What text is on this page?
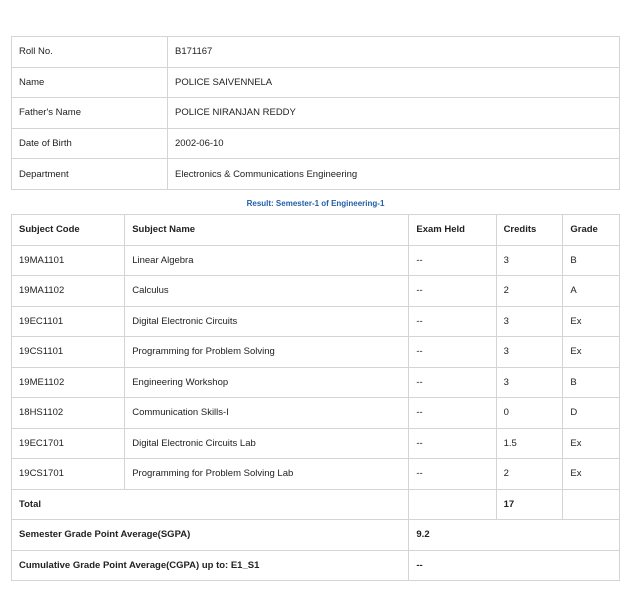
Roll No.	B171167
Name	POLICE SAIVENNELA
Father's Name	POLICE NIRANJAN REDDY
Date of Birth	2002-06-10
Department	Electronics & Communications Engineering

Result: Semester-1 of Engineering-1

Subject Code	Subject Name	Exam Held	Credits	Grade
19MA1101	Linear Algebra	--	3	B
19MA1102	Calculus	--	2	A
19EC1101	Digital Electronic Circuits	--	3	Ex
19CS1101	Programming for Problem Solving	--	3	Ex
19ME1102	Engineering Workshop	--	3	B
18HS1102	Communication Skills-I	--	0	D
19EC1701	Digital Electronic Circuits Lab	--	1.5	Ex
19CS1701	Programming for Problem Solving Lab	--	2	Ex
Total			17	
Semester Grade Point Average(SGPA)		9.2		
Cumulative Grade Point Average(CGPA) up to: E1_S1		--		
